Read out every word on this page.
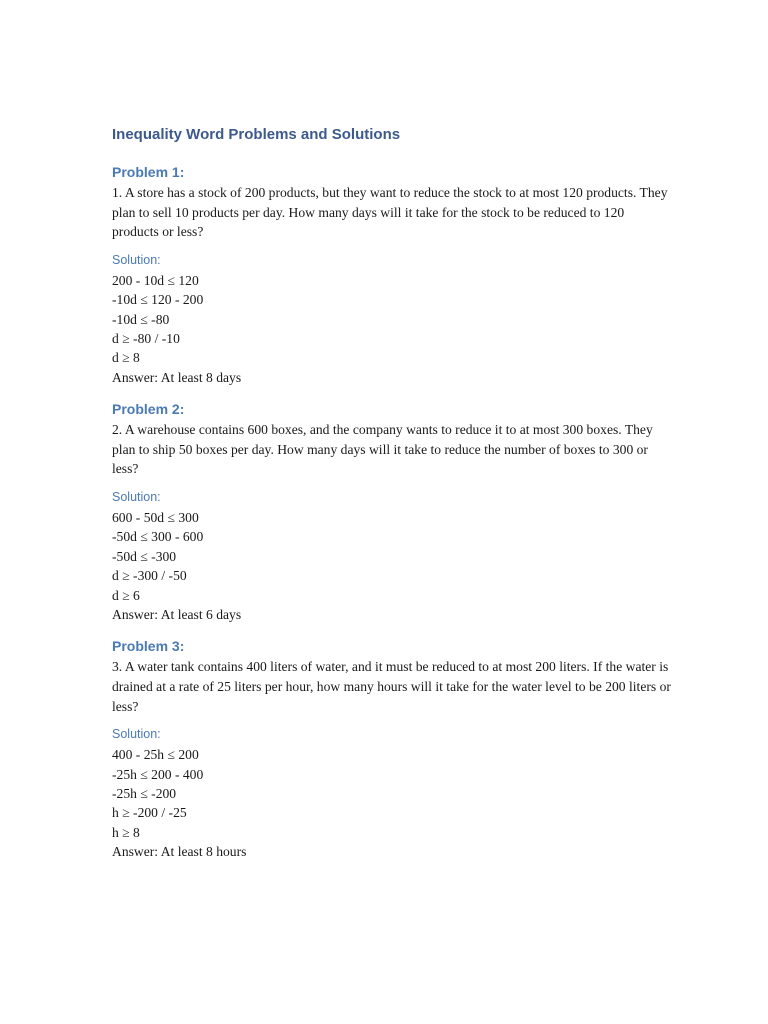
Inequality Word Problems and Solutions
Problem 1:

1. A store has a stock of 200 products, but they want to reduce the stock to at most 120 products. They plan to sell 10 products per day. How many days will it take for the stock to be reduced to 120 products or less?

Solution:

200 - 10d ≤ 120

-10d ≤ 120 - 200

-10d ≤ -80

d ≥ -80 / -10

d ≥ 8

Answer: At least 8 days

Problem 2:

2. A warehouse contains 600 boxes, and the company wants to reduce it to at most 300 boxes. They plan to ship 50 boxes per day. How many days will it take to reduce the number of boxes to 300 or less?

Solution:

600 - 50d ≤ 300

-50d ≤ 300 - 600

-50d ≤ -300

d ≥ -300 / -50

d ≥ 6

Answer: At least 6 days

Problem 3:

3. A water tank contains 400 liters of water, and it must be reduced to at most 200 liters. If the water is drained at a rate of 25 liters per hour, how many hours will it take for the water level to be 200 liters or less?

Solution:

400 - 25h ≤ 200

-25h ≤ 200 - 400

-25h ≤ -200

h ≥ -200 / -25

h ≥ 8

Answer: At least 8 hours
